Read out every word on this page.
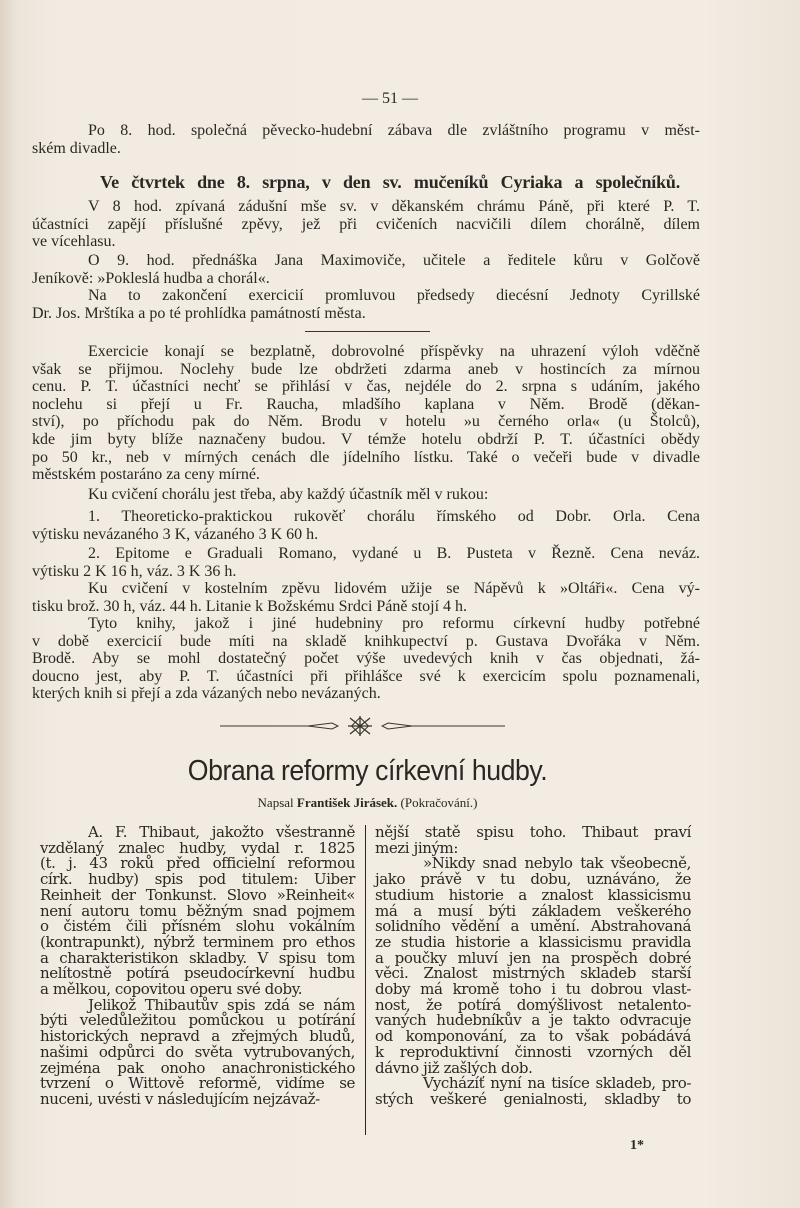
— 51 —
Po 8. hod. společná pěvecko-hudební zábava dle zvláštního programu v měst-
ském divadle.
Ve čtvrtek dne 8. srpna, v den sv. mučeníků Cyriaka a společníků.
V 8 hod. zpívaná zádušní mše sv. v děkanském chrámu Páně, při které P. T.
účastníci zapějí příslušné zpěvy, jež při cvičeních nacvičili dílem chorálně, dílem
ve vícehlasu.
O 9. hod. přednáška Jana Maximoviče, učitele a ředitele kůru v Golčově
Jeníkově: »Pokleslá hudba a chorál«.
Na to zakončení exercicií promluvou předsedy diecésní Jednoty Cyrillské
Dr. Jos. Mrštíka a po té prohlídka památností města.
Exercicie konají se bezplatně, dobrovolné příspěvky na uhrazení výloh vděčně
však se přijmou. Noclehy bude lze obdržeti zdarma aneb v hostincích za mírnou
cenu. P. T. účastníci nechť se přihlásí v čas, nejdéle do 2. srpna s udáním, jakého
noclehu si přejí u Fr. Raucha, mladšího kaplana v Něm. Brodě (děkan-
ství), po příchodu pak do Něm. Brodu v hotelu »u černého orla« (u Štolců),
kde jim byty blíže naznačeny budou. V témže hotelu obdrží P. T. účastníci obědy
po 50 kr., neb v mírných cenách dle jídelního lístku. Také o večeři bude v divadle
městském postaráno za ceny mírné.
Ku cvičení chorálu jest třeba, aby každý účastník měl v rukou:
1. Theoreticko-praktickou rukověť chorálu římského od Dobr. Orla. Cena
výtisku nevázaného 3 K, vázaného 3 K 60 h.
2. Epitome e Graduali Romano, vydané u B. Pusteta v Řezně. Cena neváz.
výtisku 2 K 16 h, váz. 3 K 36 h.
Ku cvičení v kostelním zpěvu lidovém užije se Nápěvů k »Oltáři«. Cena vý-
tisku brož. 30 h, váz. 44 h. Litanie k Božskému Srdci Páně stojí 4 h.
Tyto knihy, jakož i jiné hudebniny pro reformu církevní hudby potřebné
v době exercicií bude míti na skladě knihkupectví p. Gustava Dvořáka v Něm.
Brodě. Aby se mohl dostatečný počet výše uvedevých knih v čas objednati, žá-
doucno jest, aby P. T. účastníci při přihlášce své k exercicím spolu poznamenali,
kterých knih si přejí a zda vázaných nebo nevázaných.
Obrana reformy církevní hudby.
Napsal František Jirásek. (Pokračování.)

A. F. Thibaut, jakožto všestranně
vzdělaný znalec hudby, vydal r. 1825
(t. j. 43 roků před officielní reformou
círk. hudby) spis pod titulem: Uiber
Reinheit der Tonkunst. Slovo »Reinheit«
není autoru tomu běžným snad pojmem
o čistém čili přísném slohu vokálním
(kontrapunkt), nýbrž terminem pro ethos
a charakteristikon skladby. V spisu tom
nelítostně potírá pseudocírkevní hudbu
a mělkou, copovitou operu své doby.

Jelikož Thibautův spis zdá se nám
býti veledůležitou pomůckou u potírání
historických nepravd a zřejmých bludů,
našimi odpůrci do světa vytrubovaných,
zejména pak onoho anachronistického
tvrzení o Wittově reformě, vidíme se
nuceni, uvésti v následujícím nejzávaž-

nější statě spisu toho. Thibaut praví
mezi jiným:

»Nikdy snad nebylo tak všeobecně,
jako právě v tu dobu, uznáváno, že
studium historie a znalost klassicismu
má a musí býti základem veškerého
solidního vědění a umění. Abstrahovaná
ze studia historie a klassicismu pravidla
a poučky mluví jen na prospěch dobré
věci. Znalost mistrných skladeb starší
doby má kromě toho i tu dobrou vlast-
nost, že potírá domýšlivost netalento-
vaných hudebníkův a je takto odvracuje
od komponování, za to však pobádává
k reproduktivní činnosti vzorných děl
dávno již zašlých dob.

Vycházíť nyní na tisíce skladeb, pro-
stých veškeré genialnosti, skladby to

1*
